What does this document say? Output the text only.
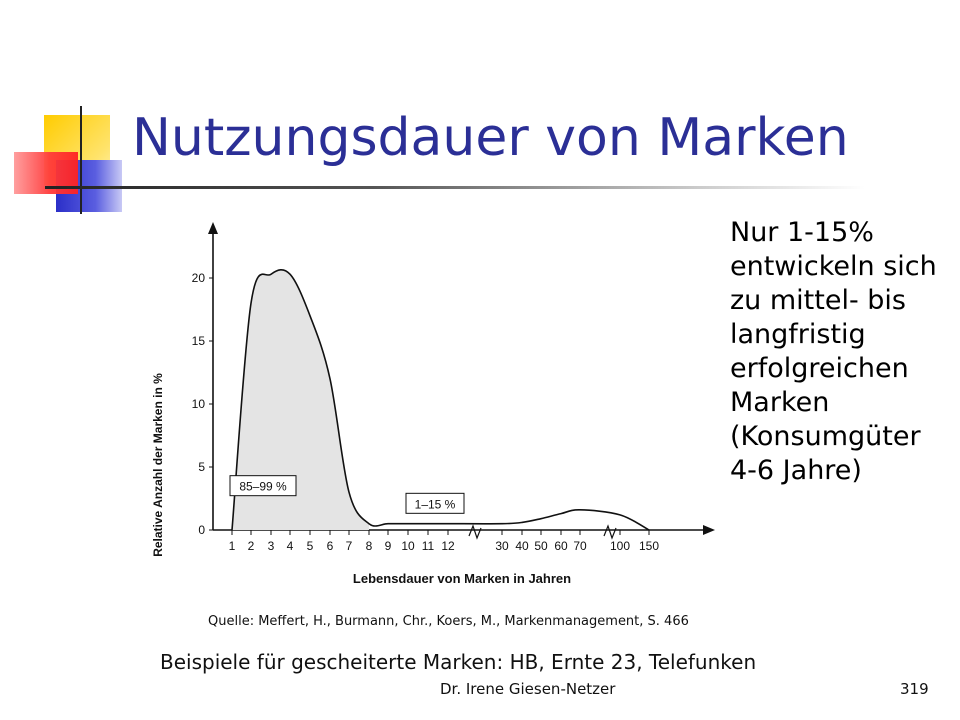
Nutzungsdauer von Marken
0
5
10
15
20
1 2 3 4 5 6 7 8 9 10 11 12	30 40 50 60 70 100 150
85–99 %
1–15 %
Relative Anzahl der Marken in %
Lebensdauer von Marken in Jahren
Nur 1-15%
entwickeln sich
zu mittel- bis
langfristig
erfolgreichen
Marken
(Konsumgüter
4-6 Jahre)
Quelle: Meffert, H., Burmann, Chr., Koers, M., Markenmanagement, S. 466
Beispiele für gescheiterte Marken: HB, Ernte 23, Telefunken
Dr. Irene Giesen-Netzer	319
